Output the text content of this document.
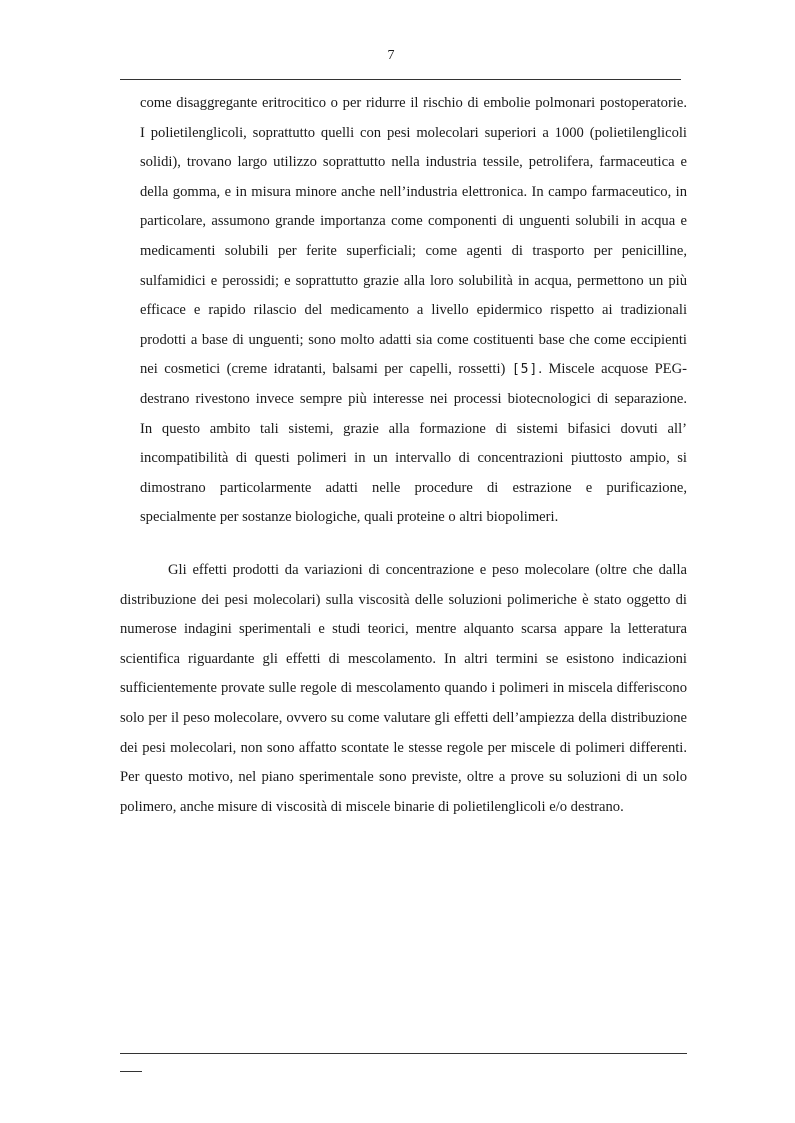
7
come disaggregante eritrocitico o per ridurre il rischio di embolie polmonari postoperatorie.
I polietilenglicoli, soprattutto quelli con pesi molecolari superiori a 1000 (polietilenglicoli
solidi), trovano largo utilizzo soprattutto nella industria tessile, petrolifera, farmaceutica e
della gomma, e in misura minore anche nell’industria elettronica. In campo farmaceutico, in
particolare, assumono grande importanza come componenti di unguenti solubili in acqua e
medicamenti solubili per ferite superficiali; come agenti di trasporto per penicilline,
sulfamidici e perossidi; e soprattutto grazie alla loro solubilità in acqua, permettono un più
efficace e rapido rilascio del medicamento a livello epidermico rispetto ai tradizionali
prodotti a base di unguenti; sono molto adatti sia come costituenti base che come eccipienti
nei cosmetici (creme idratanti, balsami per capelli, rossetti) [5]. Miscele acquose PEG-
destrano rivestono invece sempre più interesse nei processi biotecnologici di separazione.
In questo ambito tali sistemi, grazie alla formazione di sistemi bifasici dovuti all’
incompatibilità di questi polimeri in un intervallo di concentrazioni piuttosto ampio, si
dimostrano particolarmente adatti nelle procedure di estrazione e purificazione,
specialmente per sostanze biologiche, quali proteine o altri biopolimeri.
Gli effetti prodotti da variazioni di concentrazione e peso molecolare (oltre che dalla
distribuzione dei pesi molecolari) sulla viscosità delle soluzioni polimeriche è stato oggetto di
numerose indagini sperimentali e studi teorici, mentre alquanto scarsa appare la letteratura
scientifica riguardante gli effetti di mescolamento. In altri termini se esistono indicazioni
sufficientemente provate sulle regole di mescolamento quando i polimeri in miscela differiscono
solo per il peso molecolare, ovvero su come valutare gli effetti dell’ampiezza della distribuzione
dei pesi molecolari, non sono affatto scontate le stesse regole per miscele di polimeri differenti.
Per questo motivo, nel piano sperimentale sono previste, oltre a prove su soluzioni di un solo
polimero, anche misure di viscosità di miscele binarie di polietilenglicoli e/o destrano.
